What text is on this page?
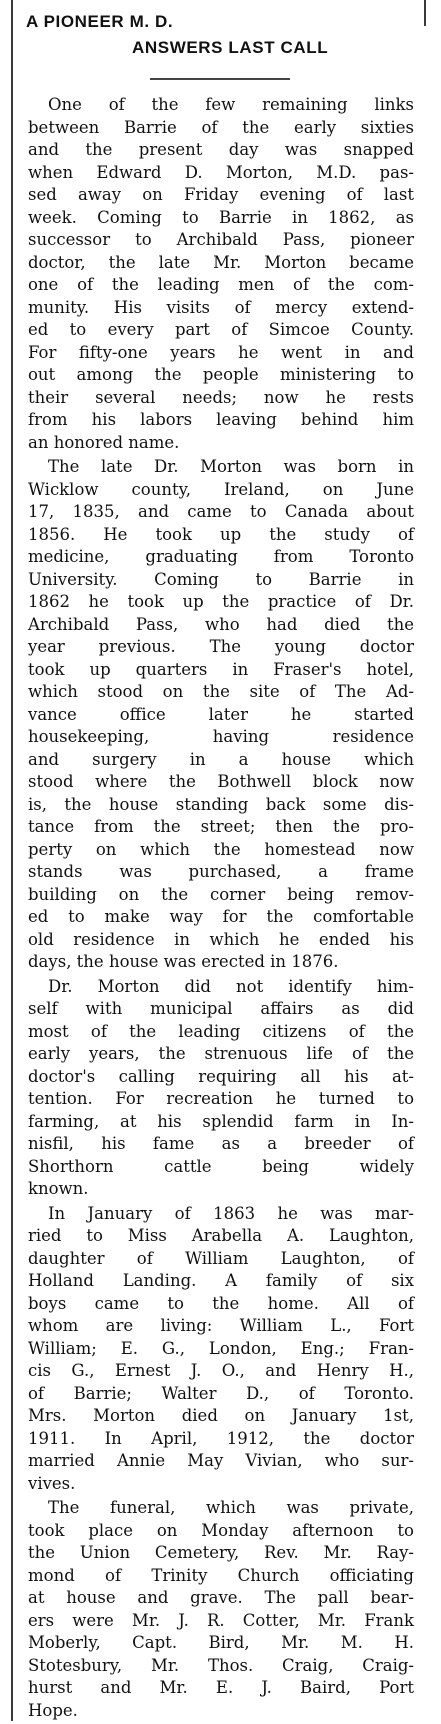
A PIONEER M. D.
ANSWERS LAST CALL
One of the few remaining links
between Barrie of the early sixties
and the present day was snapped
when Edward D. Morton, M.D. pas-
sed away on Friday evening of last
week. Coming to Barrie in 1862, as
successor to Archibald Pass, pioneer
doctor, the late Mr. Morton became
one of the leading men of the com-
munity. His visits of mercy extend-
ed to every part of Simcoe County.
For fifty-one years he went in and
out among the people ministering to
their several needs; now he rests
from his labors leaving behind him
an honored name.
The late Dr. Morton was born in
Wicklow county, Ireland, on June
17, 1835, and came to Canada about
1856. He took up the study of
medicine, graduating from Toronto
University. Coming to Barrie in
1862 he took up the practice of Dr.
Archibald Pass, who had died the
year previous. The young doctor
took up quarters in Fraser's hotel,
which stood on the site of The Ad-
vance office later he started
housekeeping, having residence
and surgery in a house which
stood where the Bothwell block now
is, the house standing back some dis-
tance from the street; then the pro-
perty on which the homestead now
stands was purchased, a frame
building on the corner being remov-
ed to make way for the comfortable
old residence in which he ended his
days, the house was erected in 1876.
Dr. Morton did not identify him-
self with municipal affairs as did
most of the leading citizens of the
early years, the strenuous life of the
doctor's calling requiring all his at-
tention. For recreation he turned to
farming, at his splendid farm in In-
nisfil, his fame as a breeder of
Shorthorn cattle being widely
known.
In January of 1863 he was mar-
ried to Miss Arabella A. Laughton,
daughter of William Laughton, of
Holland Landing. A family of six
boys came to the home. All of
whom are living: William L., Fort
William; E. G., London, Eng.; Fran-
cis G., Ernest J. O., and Henry H.,
of Barrie; Walter D., of Toronto.
Mrs. Morton died on January 1st,
1911. In April, 1912, the doctor
married Annie May Vivian, who sur-
vives.
The funeral, which was private,
took place on Monday afternoon to
the Union Cemetery, Rev. Mr. Ray-
mond of Trinity Church officiating
at house and grave. The pall bear-
ers were Mr. J. R. Cotter, Mr. Frank
Moberly, Capt. Bird, Mr. M. H.
Stotesbury, Mr. Thos. Craig, Craig-
hurst and Mr. E. J. Baird, Port
Hope.
